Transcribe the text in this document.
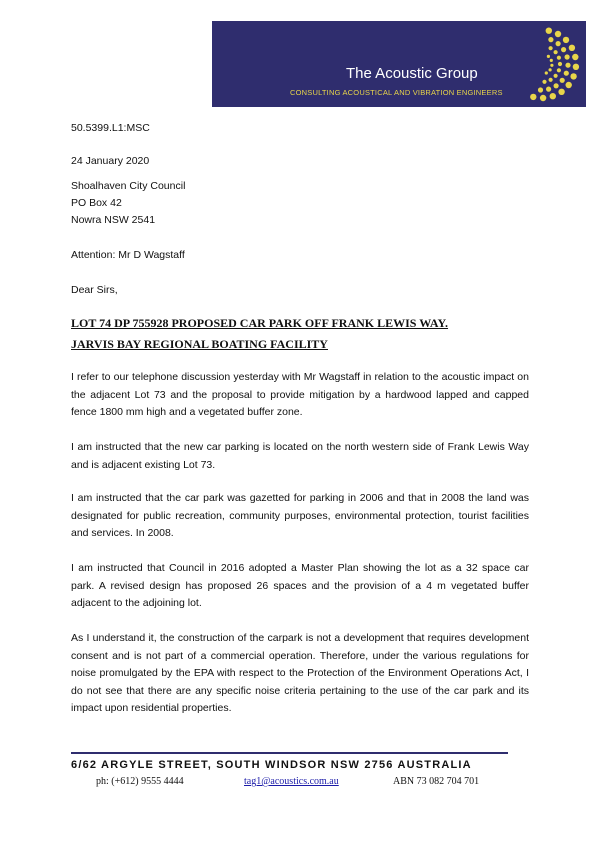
The Acoustic Group
CONSULTING ACOUSTICAL AND VIBRATION ENGINEERS
50.5399.L1:MSC
24 January 2020
Shoalhaven City Council
PO Box 42
Nowra NSW 2541
Attention: Mr D Wagstaff
Dear Sirs,
LOT 74 DP 755928 PROPOSED CAR PARK OFF FRANK LEWIS WAY.
JARVIS BAY REGIONAL BOATING FACILITY
I refer to our telephone discussion yesterday with Mr Wagstaff in relation to the acoustic impact on the adjacent Lot 73 and the proposal to provide mitigation by a hardwood lapped and capped fence 1800 mm high and a vegetated buffer zone.
I am instructed that the new car parking is located on the north western side of Frank Lewis Way and is adjacent existing Lot 73.
I am instructed that the car park was gazetted for parking in 2006 and that in 2008 the land was designated for public recreation, community purposes, environmental protection, tourist facilities and services. In 2008.
I am instructed that Council in 2016 adopted a Master Plan showing the lot as a 32 space car park. A revised design has proposed 26 spaces and the provision of a 4 m vegetated buffer adjacent to the adjoining lot.
As I understand it, the construction of the carpark is not a development that requires development consent and is not part of a commercial operation. Therefore, under the various regulations for noise promulgated by the EPA with respect to the Protection of the Environment Operations Act, I do not see that there are any specific noise criteria pertaining to the use of the car park and its impact upon residential properties.
6/62 ARGYLE STREET, SOUTH WINDSOR NSW 2756 AUSTRALIA
ph: (+612) 9555 4444	tag1@acoustics.com.au	ABN 73 082 704 701
